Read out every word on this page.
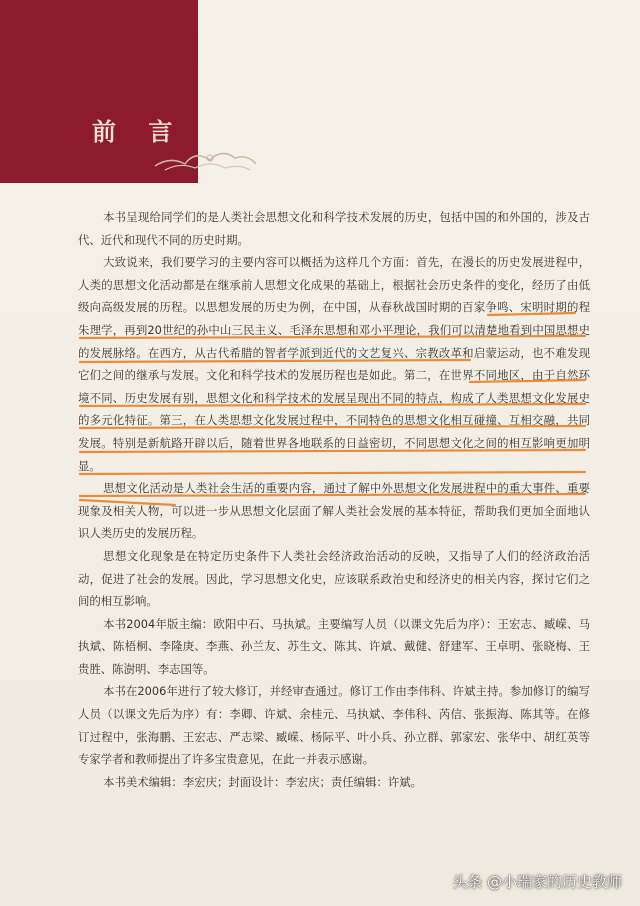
前 言

本书呈现给同学们的是人类社会思想文化和科学技术发展的历史，包括中国的和外国的，涉及古代、近代和现代不同的历史时期。

大致说来，我们要学习的主要内容可以概括为这样几个方面：首先，在漫长的历史发展进程中，人类的思想文化活动都是在继承前人思想文化成果的基础上，根据社会历史条件的变化，经历了由低级向高级发展的历程。以思想发展的历史为例，在中国，从春秋战国时期的百家争鸣、宋明时期的程朱理学，再到20世纪的孙中山三民主义、毛泽东思想和邓小平理论，我们可以清楚地看到中国思想史的发展脉络。在西方，从古代希腊的智者学派到近代的文艺复兴、宗教改革和启蒙运动，也不难发现它们之间的继承与发展。文化和科学技术的发展历程也是如此。第二，在世界不同地区，由于自然环境不同、历史发展有别，思想文化和科学技术的发展呈现出不同的特点，构成了人类思想文化发展史的多元化特征。第三，在人类思想文化发展过程中，不同特色的思想文化相互碰撞、互相交融，共同发展。特别是新航路开辟以后，随着世界各地联系的日益密切，不同思想文化之间的相互影响更加明显。

思想文化活动是人类社会生活的重要内容，通过了解中外思想文化发展进程中的重大事件、重要现象及相关人物，可以进一步从思想文化层面了解人类社会发展的基本特征，帮助我们更加全面地认识人类历史的发展历程。

思想文化现象是在特定历史条件下人类社会经济政治活动的反映，又指导了人们的经济政治活动，促进了社会的发展。因此，学习思想文化史，应该联系政治史和经济史的相关内容，探讨它们之间的相互影响。

本书2004年版主编：欧阳中石、马执斌。主要编写人员（以课文先后为序）：王宏志、臧嵘、马执斌、陈梧桐、李隆庚、李燕、孙兰友、苏生文、陈其、许斌、戴健、舒建军、王卓明、张晓梅、王贵胜、陈澍明、李志国等。

本书在2006年进行了较大修订，并经审查通过。修订工作由李伟科、许斌主持。参加修订的编写人员（以课文先后为序）有：李卿、许斌、余桂元、马执斌、李伟科、芮信、张振海、陈其等。在修订过程中，张海鹏、王宏志、严志梁、臧嵘、杨际平、叶小兵、孙立群、郭家宏、张华中、胡红英等专家学者和教师提出了许多宝贵意见，在此一并表示感谢。

本书美术编辑：李宏庆；封面设计：李宏庆；责任编辑：许斌。

头条 @小瑞家的历史教师
